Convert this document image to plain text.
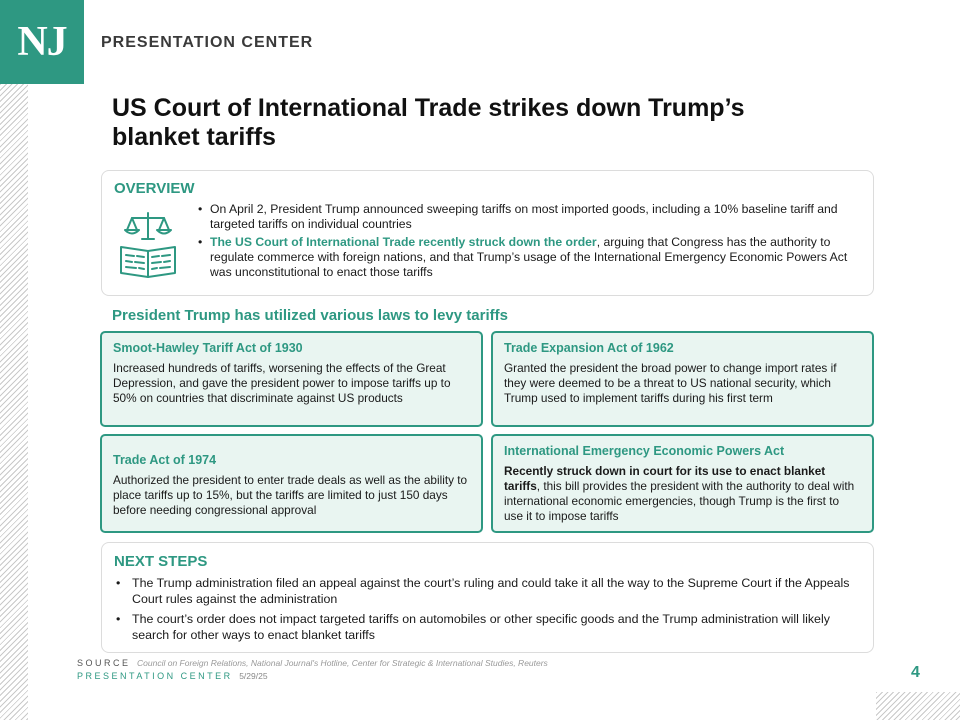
NJ	PRESENTATION CENTER
US Court of International Trade strikes down Trump’s blanket tariffs
OVERVIEW
• On April 2, President Trump announced sweeping tariffs on most imported goods, including a 10% baseline tariff and targeted tariffs on individual countries
• The US Court of International Trade recently struck down the order, arguing that Congress has the authority to regulate commerce with foreign nations, and that Trump’s usage of the International Emergency Economic Powers Act was unconstitutional to enact those tariffs
President Trump has utilized various laws to levy tariffs
Smoot-Hawley Tariff Act of 1930
Increased hundreds of tariffs, worsening the effects of the Great Depression, and gave the president power to impose tariffs up to 50% on countries that discriminate against US products
Trade Expansion Act of 1962
Granted the president the broad power to change import rates if they were deemed to be a threat to US national security, which Trump used to implement tariffs during his first term
Trade Act of 1974
Authorized the president to enter trade deals as well as the ability to place tariffs up to 15%, but the tariffs are limited to just 150 days before needing congressional approval
International Emergency Economic Powers Act
Recently struck down in court for its use to enact blanket tariffs, this bill provides the president with the authority to deal with international economic emergencies, though Trump is the first to use it to impose tariffs
NEXT STEPS
• The Trump administration filed an appeal against the court’s ruling and could take it all the way to the Supreme Court if the Appeals Court rules against the administration
• The court’s order does not impact targeted tariffs on automobiles or other specific goods and the Trump administration will likely search for other ways to enact blanket tariffs
SOURCE Council on Foreign Relations, National Journal's Hotline, Center for Strategic & International Studies, Reuters
PRESENTATION CENTER 5/29/25	4
